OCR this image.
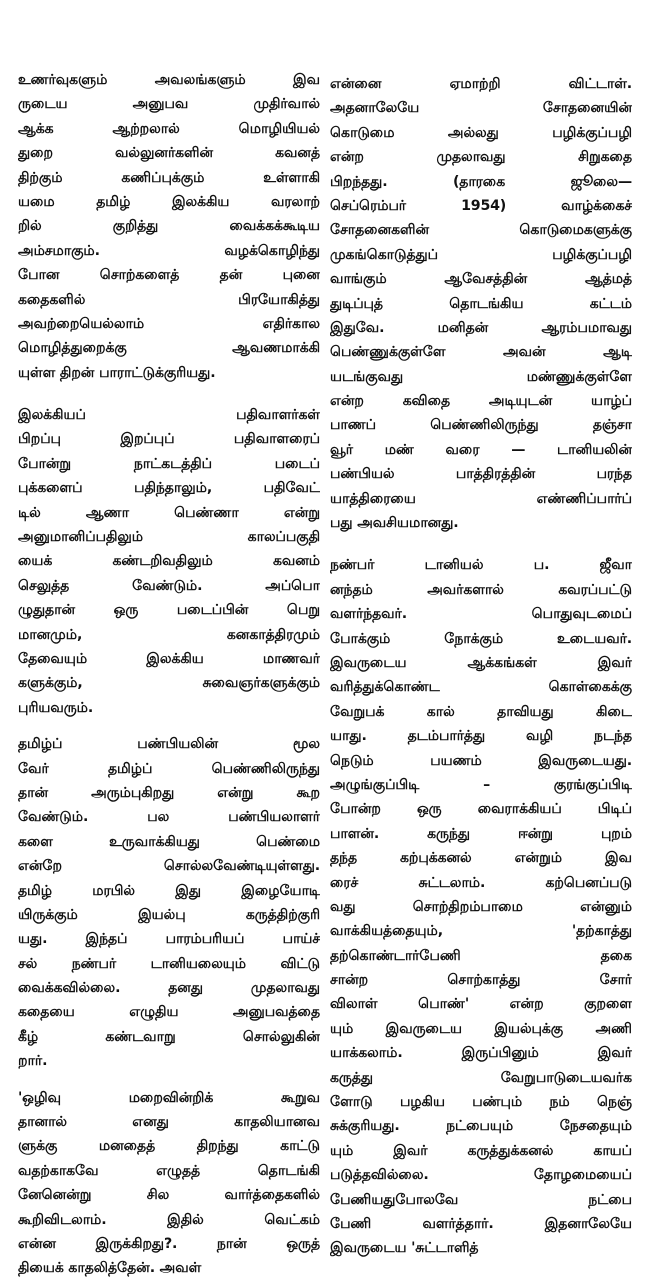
உணர்வுகளும் அவலங்களும் இவ
ருடைய அனுபவ முதிர்வால்
ஆக்க ஆற்றலால் மொழியியல்
துறை வல்லுனர்களின் கவனத்
திற்கும் கணிப்புக்கும் உள்ளாகி
யமை தமிழ் இலக்கிய வரலாற்
றில் குறித்து வைக்கக்கூடிய
அம்சமாகும். வழக்கொழிந்து
போன சொற்களைத் தன் புனை
கதைகளில் பிரயோகித்து
அவற்றையெல்லாம் எதிர்கால
மொழித்துறைக்கு ஆவணமாக்கி
யுள்ள திறன் பாராட்டுக்குரியது.
இலக்கியப் பதிவாளர்கள்
பிறப்பு இறப்புப் பதிவாளரைப்
போன்று நாட்கடத்திப் படைப்
புக்களைப் பதிந்தாலும், பதிவேட்
டில் ஆணா பெண்ணா என்று
அனுமானிப்பதிலும் காலப்பகுதி
யைக் கண்டறிவதிலும் கவனம்
செலுத்த வேண்டும். அப்பொ
ழுதுதான் ஒரு படைப்பின் பெறு
மானமும், கனகாத்திரமும்
தேவையும் இலக்கிய மாணவர்
களுக்கும், சுவைஞர்களுக்கும்
புரியவரும்.
தமிழ்ப் பண்பியலின் மூல
வேர் தமிழ்ப் பெண்ணிலிருந்து
தான் அரும்புகிறது என்று கூற
வேண்டும். பல பண்பியலாளர்
களை உருவாக்கியது பெண்மை
என்றே சொல்லவேண்டியுள்ளது.
தமிழ் மரபில் இது இழையோடி
யிருக்கும் இயல்பு கருத்திற்குரி
யது. இந்தப் பாரம்பரியப் பாய்ச்
சல் நண்பர் டானியலையும் விட்டு
வைக்கவில்லை. தனது முதலாவது
கதையை எழுதிய அனுபவத்தை
கீழ் கண்டவாறு சொல்லுகின்
றார்.
'ஒழிவு மறைவின்றிக் கூறுவ
தானால் எனது காதலியானவ
ளுக்கு மனதைத் திறந்து காட்டு
வதற்காகவே எழுதத் தொடங்கி
னேனென்று சில வார்த்தைகளில்
கூறிவிடலாம். இதில் வெட்கம்
என்ன இருக்கிறது?. நான் ஒருத்
தியைக் காதலித்தேன். அவள்
என்னை ஏமாற்றி விட்டாள்.
அதனாலேயே சோதனையின்
கொடுமை அல்லது பழிக்குப்பழி
என்ற முதலாவது சிறுகதை
பிறந்தது. (தாரகை ஜூலை—
செப்ரெம்பர் 1954) வாழ்க்கைச்
சோதனைகளின் கொடுமைகளுக்கு
முகங்கொடுத்துப் பழிக்குப்பழி
வாங்கும் ஆவேசத்தின் ஆத்மத்
துடிப்புத் தொடங்கிய கட்டம்
இதுவே. மனிதன் ஆரம்பமாவது
பெண்ணுக்குள்ளே அவன் ஆடி
யடங்குவது மண்ணுக்குள்ளே
என்ற கவிதை அடியுடன் யாழ்ப்
பாணப் பெண்ணிலிருந்து தஞ்சா
வூர் மண் வரை — டானியலின்
பண்பியல் பாத்திரத்தின் பரந்த
யாத்திரையை எண்ணிப்பார்ப்
பது அவசியமானது.
நண்பர் டானியல் ப. ஜீவா
னந்தம் அவர்களால் கவரப்பட்டு
வளர்ந்தவர். பொதுவுடமைப்
போக்கும் நோக்கும் உடையவர்.
இவருடைய ஆக்கங்கள் இவர்
வரித்துக்கொண்ட கொள்கைக்கு
வேறுபக் கால் தாவியது கிடை
யாது. தடம்பார்த்து வழி நடந்த
நெடும் பயணம் இவருடையது.
அழுங்குப்பிடி – குரங்குப்பிடி
போன்ற ஒரு வைராக்கியப் பிடிப்
பாளன். கருந்து ஈன்று புறம்
தந்த கற்புக்கனல் என்றும் இவ
ரைச் சுட்டலாம். கற்பெனப்படு
வது சொற்திறம்பாமை என்னும்
வாக்கியத்தையும், 'தற்காத்து
தற்கொண்டார்பேணி தகை
சான்ற சொற்காத்து சோர்
விலாள் பொண்' என்ற குறளை
யும் இவருடைய இயல்புக்கு அணி
யாக்கலாம். இருப்பினும் இவர்
கருத்து வேறுபாடுடையவர்க
ளோடு பழகிய பண்பும் நம் நெஞ்
சுக்குரியது. நட்பையும் நேசதையும்
யும் இவர் கருத்துக்கனல் காயப்
படுத்தவில்லை. தோழமையைப்
பேணியதுபோலவே நட்பை
பேணி வளர்த்தார். இதனாலேயே
இவருடைய 'சுட்டாளித்
